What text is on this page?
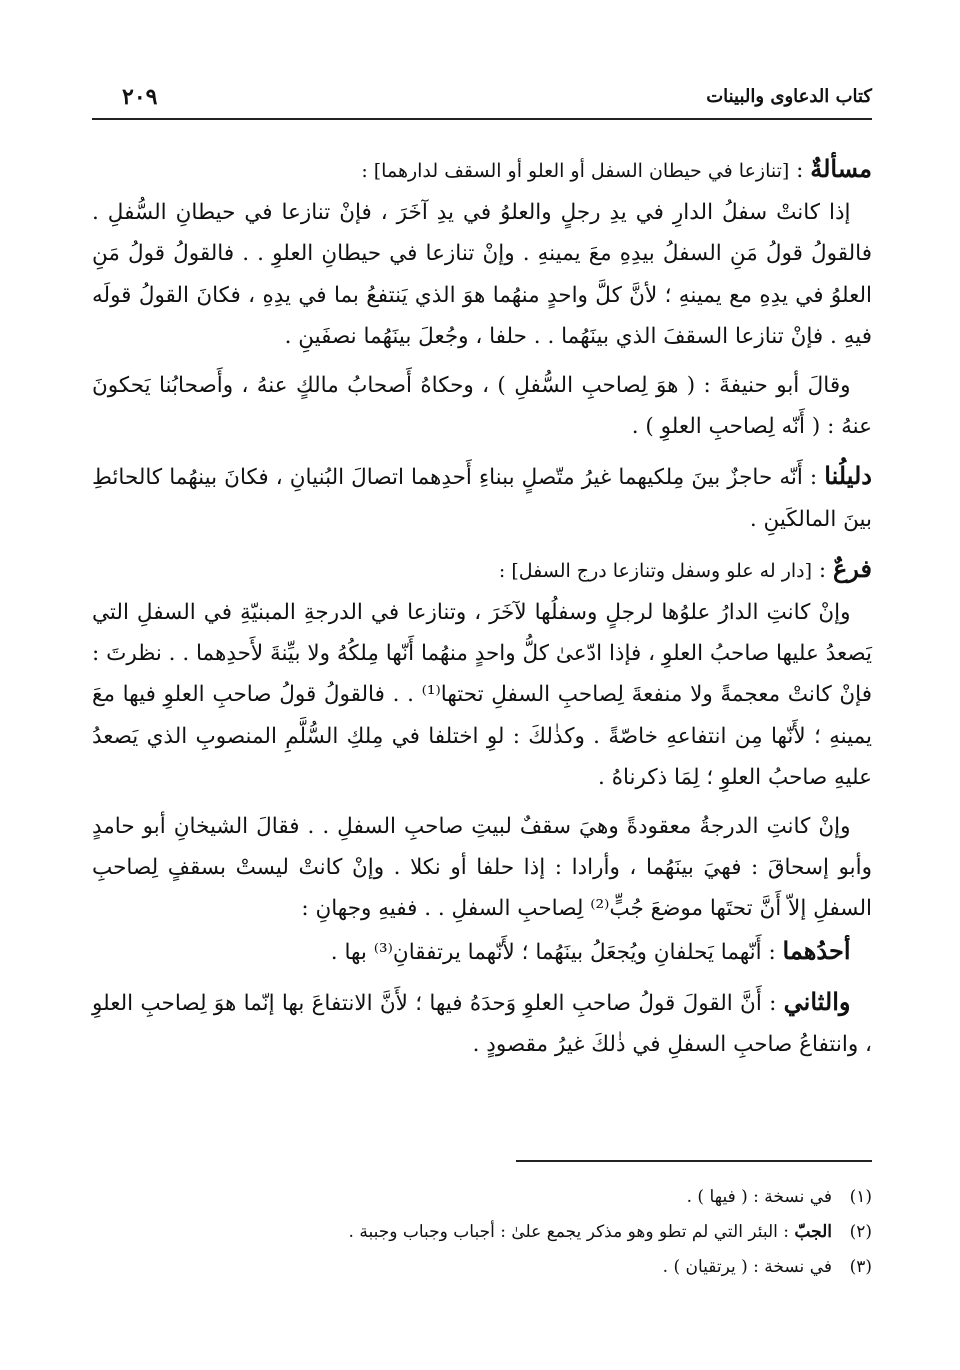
كتاب الدعاوى والبينات
٢٠٩

مسألةٌ : [تنازعا في حيطان السفل أو العلو أو السقف لدارهما] :

 إذا كانتْ سفلُ الدارِ في يدِ رجلٍ والعلوُ في يدِ آخَرَ ، فإنْ تنازعا في حيطانِ السُّفلِ . فالقولُ قولُ مَنِ السفلُ بيدِهِ معَ يمينهِ . وإنْ تنازعا في حيطانِ العلوِ . . فالقولُ قولُ مَنِ العلوُ في يدِهِ مع يمينهِ ؛ لأنَّ كلَّ واحدٍ منهُما هوَ الذي يَنتفعُ بما في يدِهِ ، فكانَ القولُ قولَه فيهِ . فإنْ تنازعا السقفَ الذي بينَهُما . . حلفا ، وجُعلَ بينَهُما نصفَينِ .

 وقالَ أبو حنيفةَ : ( هوَ لِصاحبِ السُّفلِ ) ، وحكاهُ أَصحابُ مالكٍ عنهُ ، وأَصحابُنا يَحكونَ عنهُ : ( أَنّه لِصاحبِ العلوِ ) .

دليلُنا : أَنّه حاجزٌ بينَ مِلكيهما غيرُ متّصلٍ ببناءِ أَحدِهما اتصالَ البُنيانِ ، فكانَ بينهُما كالحائطِ بينَ المالكَينِ .

فرعٌ : [دار له علو وسفل وتنازعا درج السفل] :

 وإنْ كانتِ الدارُ علوُها لرجلٍ وسفلُها لآخَرَ ، وتنازعا في الدرجةِ المبنيّةِ في السفلِ التي يَصعدُ عليها صاحبُ العلوِ ، فإذا ادّعىٰ كلُّ واحدٍ منهُما أَنّها مِلكُهُ ولا بيِّنةَ لأَحدِهما . . نظرتَ : فإنْ كانتْ معجمةً ولا منفعةَ لِصاحبِ السفلِ تحتها⁽¹⁾ . . فالقولُ قولُ صاحبِ العلوِ فيها معَ يمينهِ ؛ لأَنّها مِن انتفاعهِ خاصّةً . وكذٰلكَ : لوِ اختلفا في مِلكِ السُّلَّمِ المنصوبِ الذي يَصعدُ عليهِ صاحبُ العلوِ ؛ لِمَا ذكرناهُ .

 وإنْ كانتِ الدرجةُ معقودةً وهيَ سقفٌ لبيتِ صاحبِ السفلِ . . فقالَ الشيخانِ أبو حامدٍ وأبو إسحاقَ : فهيَ بينَهُما ، وأرادا : إذا حلفا أو نكلا . وإنْ كانتْ ليستْ بسقفٍ لِصاحبِ السفلِ إلاّ أَنَّ تحتَها موضعَ جُبٍّ⁽²⁾ لِصاحبِ السفلِ . . ففيهِ وجهانِ :

 أحدُهما : أَنّهما يَحلفانِ ويُجعَلُ بينَهُما ؛ لأَنّهما يرتفقانِ⁽³⁾ بها .

 والثاني : أَنَّ القولَ قولُ صاحبِ العلوِ وَحدَهُ فيها ؛ لأَنَّ الانتفاعَ بها إنّما هوَ لِصاحبِ العلوِ ، وانتفاعُ صاحبِ السفلِ في ذٰلكَ غيرُ مقصودٍ .

(١)
في نسخة : ( فيها ) .
(٢)
الجبّ : البئر التي لم تطو وهو مذكر يجمع علىٰ : أجباب وجباب وجببة .
(٣)
في نسخة : ( يرتقيان ) .
